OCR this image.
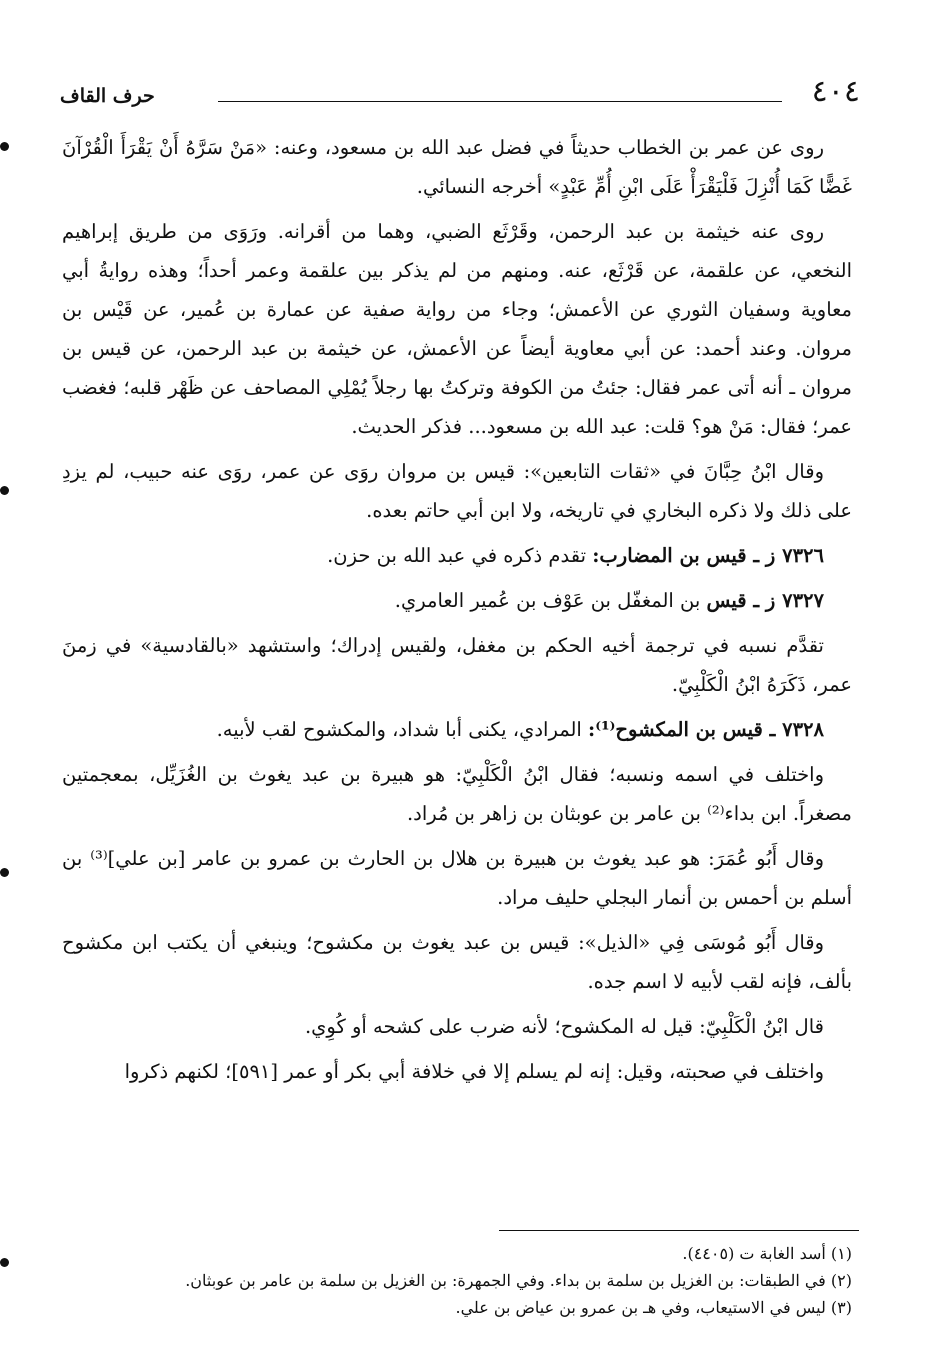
٤٠٤
حرف القاف

روى عن عمر بن الخطاب حديثاً في فضل عبد الله بن مسعود، وعنه: «مَنْ سَرَّهُ أَنْ يَقْرَأَ الْقُرْآنَ غَضًّا كَمَا أُنْزِلَ فَلْيَقْرَأْ عَلَى ابْنِ أُمِّ عَبْدٍ» أخرجه النسائي.

روى عنه خيثمة بن عبد الرحمن، وقَرْثَع الضبي، وهما من أقرانه. ورَوَى من طريق إبراهيم النخعي، عن علقمة، عن قَرْثَع، عنه. ومنهم من لم يذكر بين علقمة وعمر أحداً؛ وهذه روايةُ أبي معاوية وسفيان الثوري عن الأعمش؛ وجاء من رواية صفية عن عمارة بن عُمير، عن قَيْس بن مروان. وعند أحمد: عن أبي معاوية أيضاً عن الأعمش، عن خيثمة بن عبد الرحمن، عن قيس بن مروان ـ أنه أتى عمر فقال: جئتُ من الكوفة وتركتُ بها رجلاً يُمْلِي المصاحف عن ظَهْر قلبه؛ فغضب عمر؛ فقال: مَنْ هو؟ قلت: عبد الله بن مسعود... فذكر الحديث.

وقال ابْنُ حِبَّانَ في «ثقات التابعين»: قيس بن مروان روَى عن عمر، روَى عنه حبيب، لم يزدِ على ذلك ولا ذكره البخاري في تاريخه، ولا ابن أبي حاتم بعده.

٧٣٢٦ ز ـ قيس بن المضارب: تقدم ذكره في عبد الله بن حزن.

٧٣٢٧ ز ـ قيس بن المغفّل بن عَوْف بن عُمير العامري.

تقدَّم نسبه في ترجمة أخيه الحكم بن مغفل، ولقيس إدراك؛ واستشهد «بالقادسية» في زمنَ عمر، ذَكَرَهُ ابْنُ الْكَلْبِيّ.

٧٣٢٨ ـ قيس بن المكشوح⁽¹⁾: المرادي، يكنى أبا شداد، والمكشوح لقب لأبيه.

واختلف في اسمه ونسبه؛ فقال ابْنُ الْكَلْبِيّ: هو هبيرة بن عبد يغوث بن الغُزَيِّل، بمعجمتين مصغراً. ابن بداء⁽²⁾ بن عامر بن عوبثان بن زاهر بن مُراد.

وقال أَبُو عُمَرَ: هو عبد يغوث بن هبيرة بن هلال بن الحارث بن عمرو بن عامر [بن علي]⁽³⁾ بن أسلم بن أحمس بن أنمار البجلي حليف مراد.

وقال أَبُو مُوسَى فِي «الذيل»: قيس بن عبد يغوث بن مكشوح؛ وينبغي أن يكتب ابن مكشوح بألف، فإنه لقب لأبيه لا اسم جده.

قال ابْنُ الْكَلْبِيّ: قيل له المكشوح؛ لأنه ضرب على كشحه أو كُوِي.

واختلف في صحبته، وقيل: إنه لم يسلم إلا في خلافة أبي بكر أو عمر [٥٩١]؛ لكنهم ذكروا

(١) أسد الغابة ت (٤٤٠٥).
(٢) في الطبقات: بن الغزيل بن سلمة بن بداء. وفي الجمهرة: بن الغزيل بن سلمة بن عامر بن عوبثان.
(٣) ليس في الاستيعاب، وفي هـ بن عمرو بن عياض بن علي.
